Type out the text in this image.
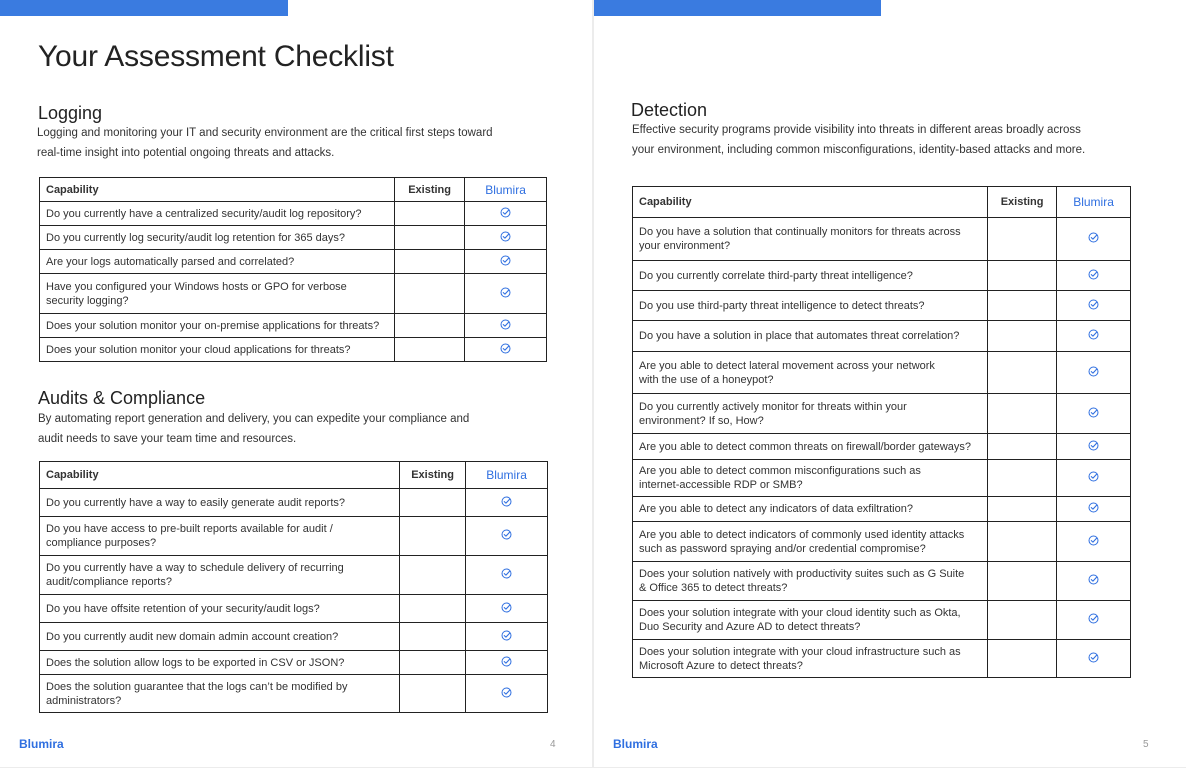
Your Assessment Checklist
Logging

Logging and monitoring your IT and security environment are the critical first steps toward
real-time insight into potential ongoing threats and attacks.

Capability	Existing	Blumira
Do you currently have a centralized security/audit log repository?		
Do you currently log security/audit log retention for 365 days?		
Are your logs automatically parsed and correlated?		
Have you configured your Windows hosts or GPO for verbose
security logging?		
Does your solution monitor your on-premise applications for threats?		
Does your solution monitor your cloud applications for threats?		
Audits & Compliance

By automating report generation and delivery, you can expedite your compliance and
audit needs to save your team time and resources.

Capability	Existing	Blumira
Do you currently have a way to easily generate audit reports?		
Do you have access to pre-built reports available for audit /
compliance purposes?		
Do you currently have a way to schedule delivery of recurring
audit/compliance reports?		
Do you have offsite retention of your security/audit logs?		
Do you currently audit new domain admin account creation?		
Does the solution allow logs to be exported in CSV or JSON?		
Does the solution guarantee that the logs can’t be modified by
administrators?		
Blumira	4
Detection

Effective security programs provide visibility into threats in different areas broadly across
your environment, including common misconfigurations, identity-based attacks and more.

Capability	Existing	Blumira
Do you have a solution that continually monitors for threats across
your environment?		
Do you currently correlate third-party threat intelligence?		
Do you use third-party threat intelligence to detect threats?		
Do you have a solution in place that automates threat correlation?		
Are you able to detect lateral movement across your network
with the use of a honeypot?		
Do you currently actively monitor for threats within your
environment? If so, How?		
Are you able to detect common threats on firewall/border gateways?		
Are you able to detect common misconfigurations such as
internet-accessible RDP or SMB?		
Are you able to detect any indicators of data exfiltration?		
Are you able to detect indicators of commonly used identity attacks
such as password spraying and/or credential compromise?		
Does your solution natively with productivity suites such as G Suite
& Office 365 to detect threats?		
Does your solution integrate with your cloud identity such as Okta,
Duo Security and Azure AD to detect threats?		
Does your solution integrate with your cloud infrastructure such as
Microsoft Azure to detect threats?		
Blumira	5
